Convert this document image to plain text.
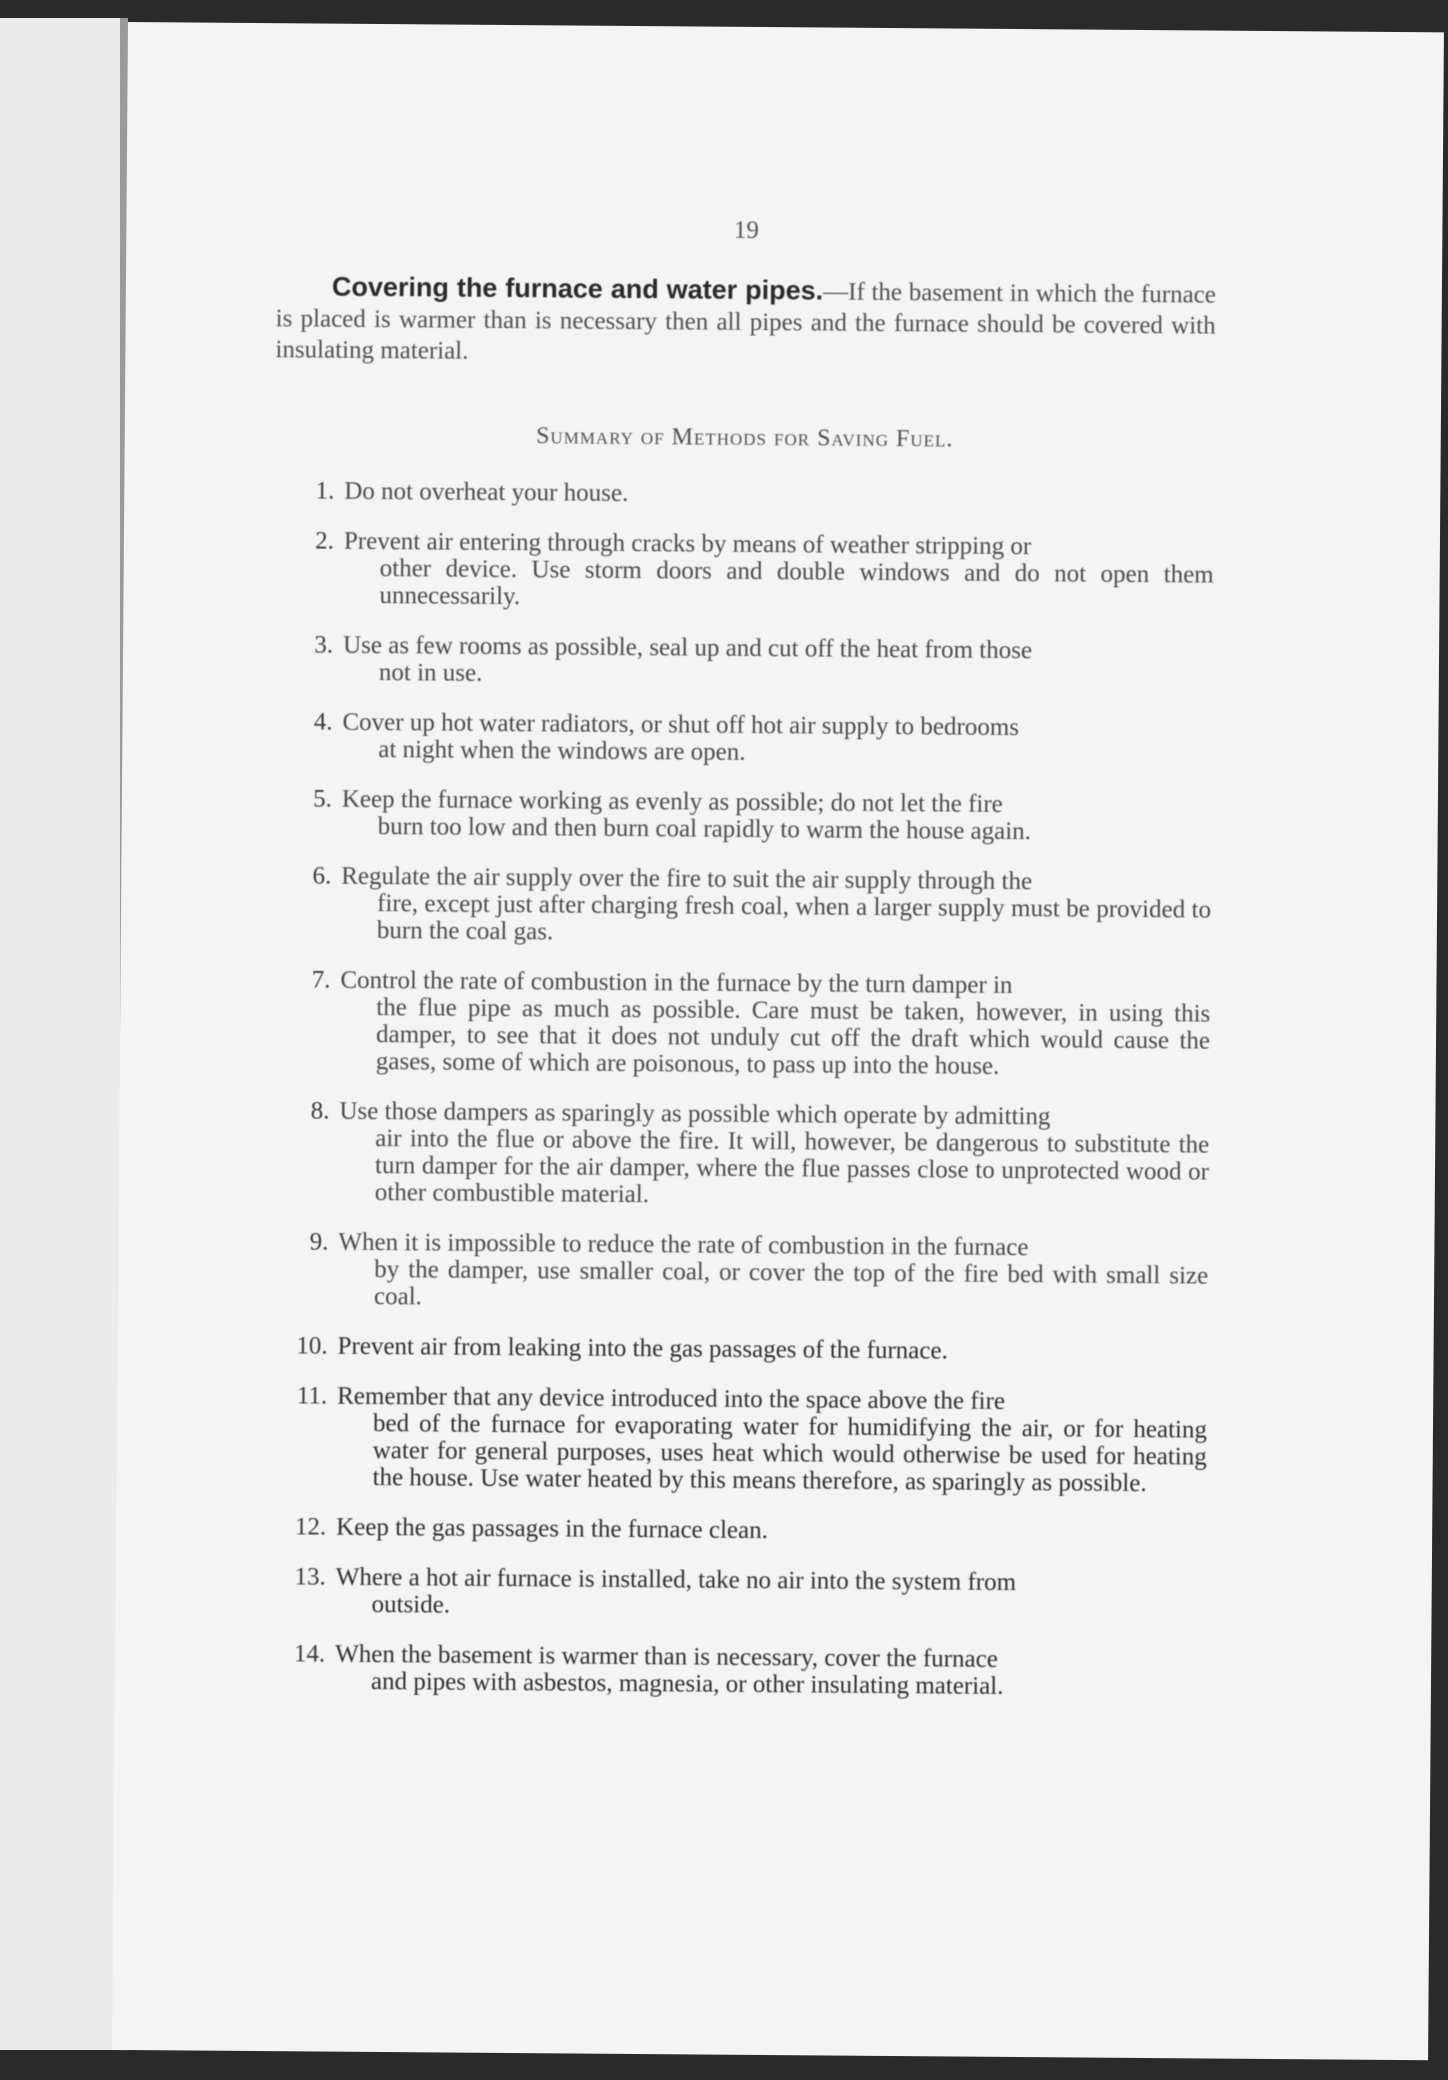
19

Covering the furnace and water pipes.—If the basement in which the furnace is placed is warmer than is necessary then all pipes and the furnace should be covered with insulating material.

Summary of Methods for Saving Fuel.
1. Do not overheat your house.
2. Prevent air entering through cracks by means of weather stripping or
other device. Use storm doors and double windows and do not open them unnecessarily.
3. Use as few rooms as possible, seal up and cut off the heat from those
not in use.
4. Cover up hot water radiators, or shut off hot air supply to bedrooms
at night when the windows are open.
5. Keep the furnace working as evenly as possible; do not let the fire
burn too low and then burn coal rapidly to warm the house again.
6. Regulate the air supply over the fire to suit the air supply through the
fire, except just after charging fresh coal, when a larger supply must be provided to burn the coal gas.
7. Control the rate of combustion in the furnace by the turn damper in
the flue pipe as much as possible. Care must be taken, however, in using this damper, to see that it does not unduly cut off the draft which would cause the gases, some of which are poisonous, to pass up into the house.
8. Use those dampers as sparingly as possible which operate by admitting
air into the flue or above the fire. It will, however, be dangerous to substitute the turn damper for the air damper, where the flue passes close to unprotected wood or other combustible material.
9. When it is impossible to reduce the rate of combustion in the furnace
by the damper, use smaller coal, or cover the top of the fire bed with small size coal.
10. Prevent air from leaking into the gas passages of the furnace.
11. Remember that any device introduced into the space above the fire
bed of the furnace for evaporating water for humidifying the air, or for heating water for general purposes, uses heat which would otherwise be used for heating the house. Use water heated by this means therefore, as sparingly as possible.
12. Keep the gas passages in the furnace clean.
13. Where a hot air furnace is installed, take no air into the system from
outside.
14. When the basement is warmer than is necessary, cover the furnace
and pipes with asbestos, magnesia, or other insulating material.
